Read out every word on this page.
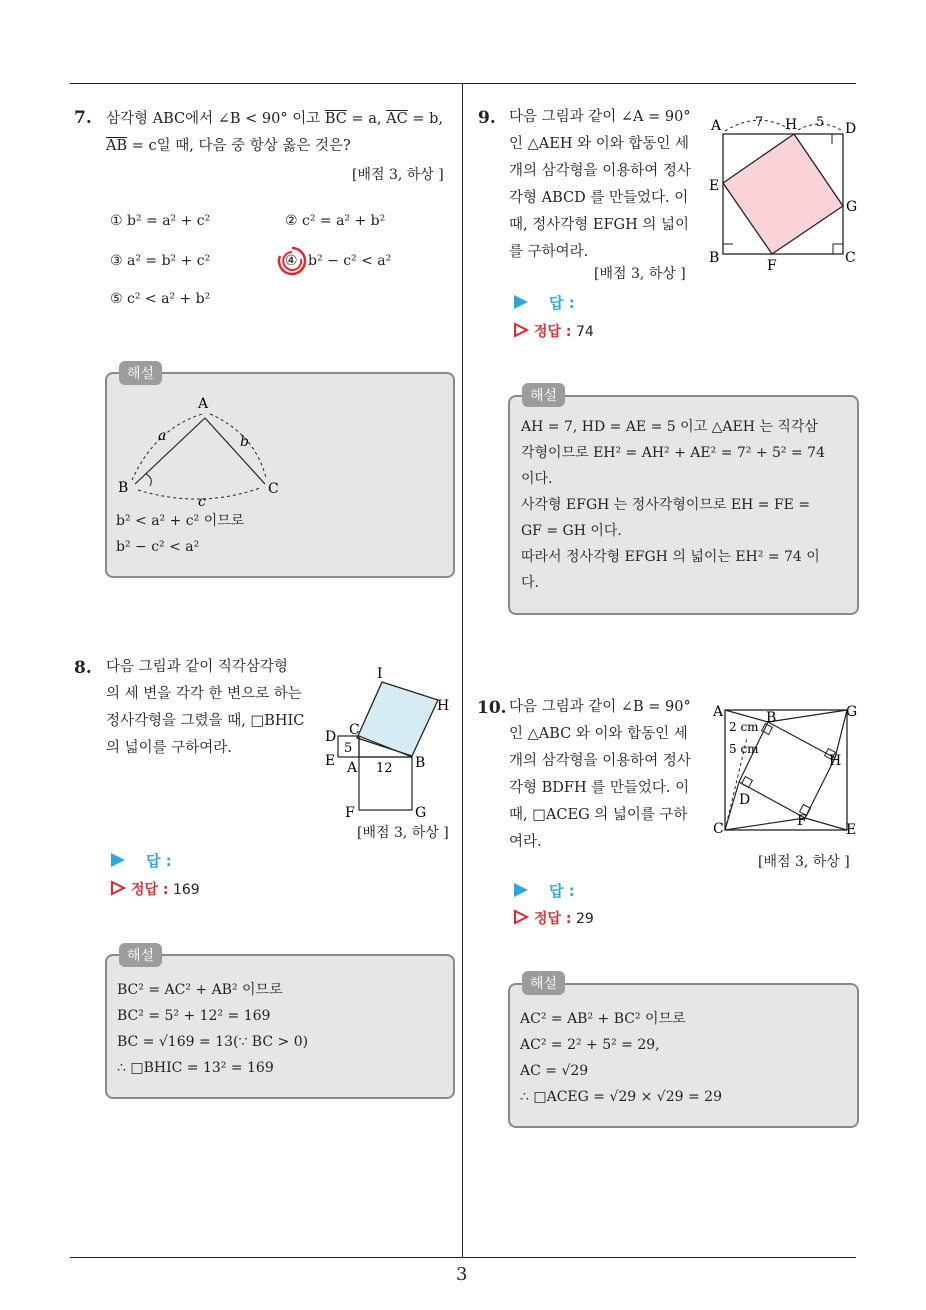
3
7. 삼각형 ABC에서 ∠B < 90° 이고 $\overline{BC} = a$, $\overline{AC} = b$,
$\overline{AB} = c$일 때, 다음 중 항상 옳은 것은?
[배점 3, 하상 ]
① b² = a² + c²	② c² = a² + b²
③ a² = b² + c²	④ b² − c² < a²
⑤ c² < a² + b²
해설
A
B	C
a	b
c
b² < a² + c² 이므로
b² − c² < a²
8. 다음 그림과 같이 직각삼각형
의 세 변을 각각 한 변으로 하는
정사각형을 그렸을 때, □BHIC
의 넓이를 구하여라.
I
H
C
D
E A	B
F	G
5
12
[배점 3, 하상 ]
답 :
정답 : 169
해설
BC² = AC² + AB² 이므로
BC² = 5² + 12² = 169
BC = √169 = 13(∵ BC > 0)
∴ □BHIC = 13² = 169
9. 다음 그림과 같이 ∠A = 90°
인 △AEH 와 이와 합동인 세
개의 삼각형을 이용하여 정사
각형 ABCD 를 만들었다. 이
때, 정사각형 EFGH 의 넓이
를 구하여라.
[배점 3, 하상 ]
A	H	D
E
G
B	F	C
7	5
답 :
정답 : 74
해설
AH = 7, HD = AE = 5 이고 △AEH 는 직각삼
각형이므로 EH² = AH² + AE² = 7² + 5² = 74
이다.
사각형 EFGH 는 정사각형이므로 EH = FE =
GF = GH 이다.
따라서 정사각형 EFGH 의 넓이는 EH² = 74 이
다.
10. 다음 그림과 같이 ∠B = 90°
인 △ABC 와 이와 합동인 세
개의 삼각형을 이용하여 정사
각형 BDFH 를 만들었다. 이
때, □ACEG 의 넓이를 구하
여라.
A	B	G
H
D
C	F
E
2 cm
5 cm
[배점 3, 하상 ]
답 :
정답 : 29
해설
AC² = AB² + BC² 이므로
AC² = 2² + 5² = 29,
AC = √29
∴ □ACEG = √29 × √29 = 29
